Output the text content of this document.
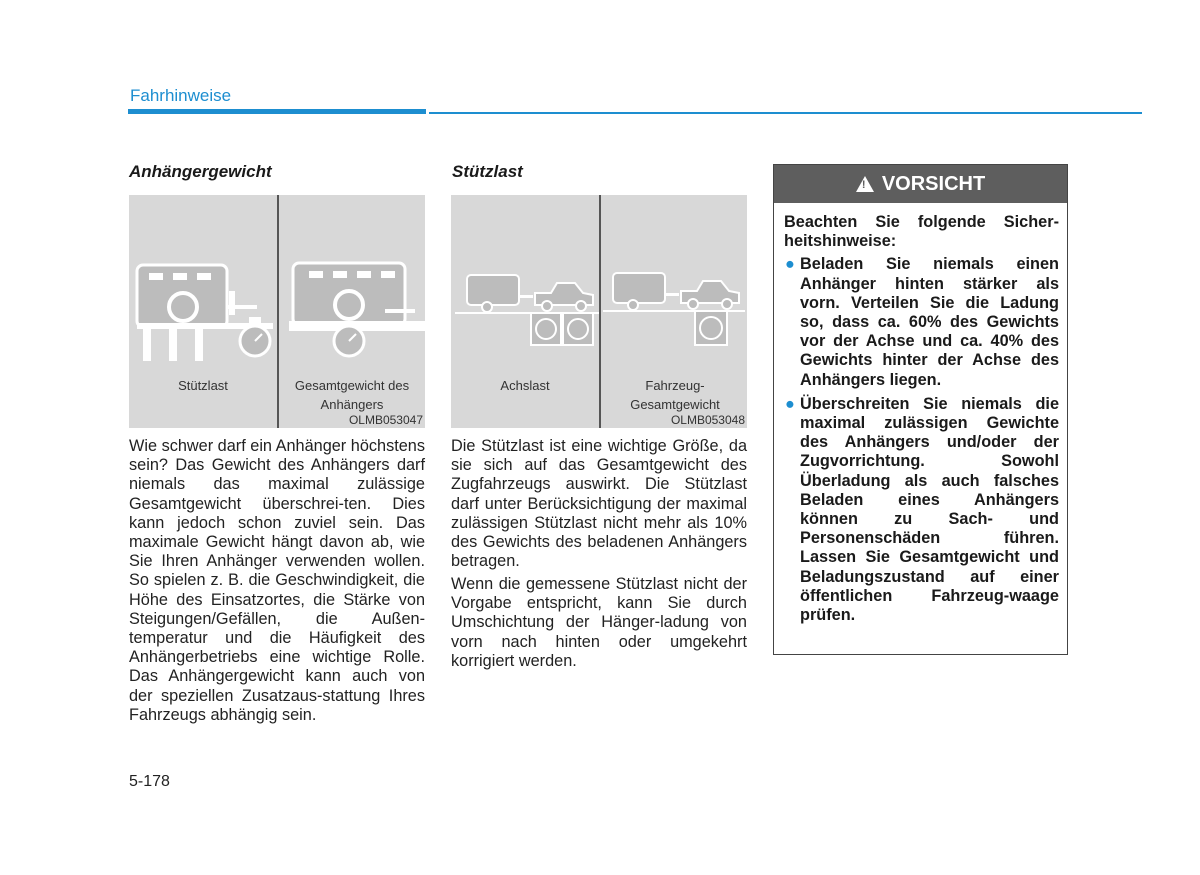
Fahrhinweise
Anhängergewicht
Stützlast	Gesamtgewicht des Anhängers
OLMB053047

Wie schwer darf ein Anhänger höchstens sein? Das Gewicht des Anhängers darf niemals das maximal zulässige Gesamtgewicht überschrei-ten. Dies kann jedoch schon zuviel sein. Das maximale Gewicht hängt davon ab, wie Sie Ihren Anhänger verwenden wollen. So spielen z. B. die Geschwindigkeit, die Höhe des Einsatzortes, die Stärke von Steigungen/Gefällen, die Außen-temperatur und die Häufigkeit des Anhängerbetriebs eine wichtige Rolle. Das Anhängergewicht kann auch von der speziellen Zusatzaus-stattung Ihres Fahrzeugs abhängig sein.

Stützlast
Achslast	Fahrzeug-Gesamtgewicht
OLMB053048

Die Stützlast ist eine wichtige Größe, da sie sich auf das Gesamtgewicht des Zugfahrzeugs auswirkt. Die Stützlast darf unter Berücksichtigung der maximal zulässigen Stützlast nicht mehr als 10% des Gewichts des beladenen Anhängers betragen.

Wenn die gemessene Stützlast nicht der Vorgabe entspricht, kann Sie durch Umschichtung der Hänger-ladung von vorn nach hinten oder umgekehrt korrigiert werden.

! VORSICHT

Beachten Sie folgende Sicher-heitshinweise:

● Beladen Sie niemals einen Anhänger hinten stärker als vorn. Verteilen Sie die Ladung so, dass ca. 60% des Gewichts vor der Achse und ca. 40% des Gewichts hinter der Achse des Anhängers liegen.
● Überschreiten Sie niemals die maximal zulässigen Gewichte des Anhängers und/oder der Zugvorrichtung. Sowohl Überladung als auch falsches Beladen eines Anhängers können zu Sach- und Personenschäden führen. Lassen Sie Gesamtgewicht und Beladungszustand auf einer öffentlichen Fahrzeug-waage prüfen.
5-178
